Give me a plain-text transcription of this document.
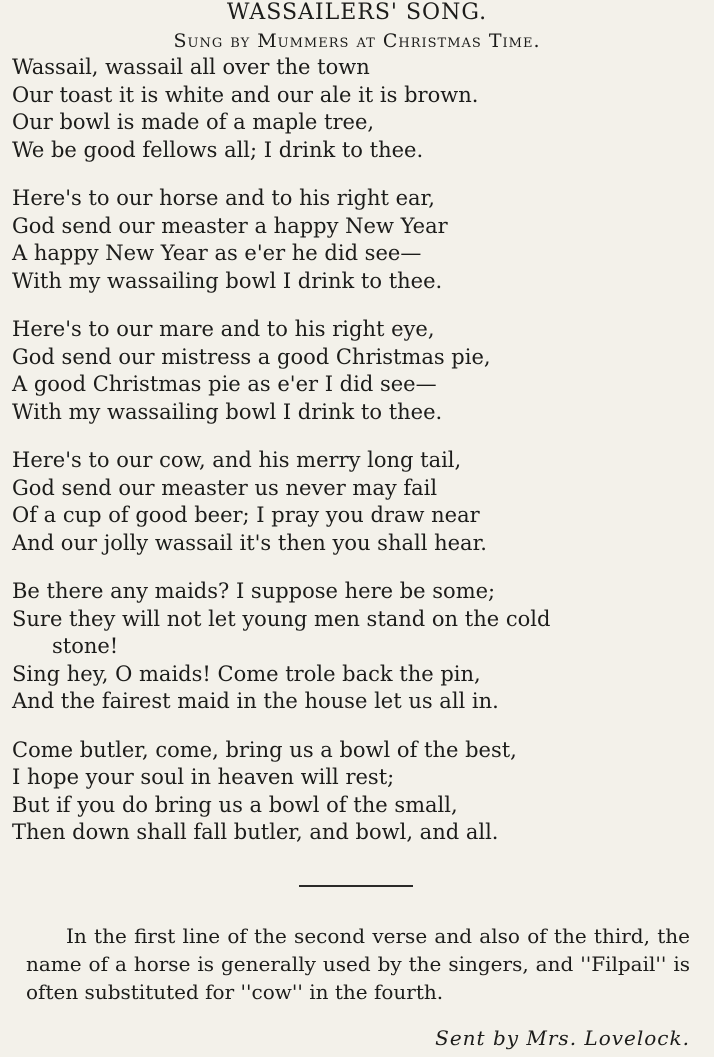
WASSAILERS' SONG.
Sung by Mummers at Christmas Time.
Wassail, wassail all over the town
Our toast it is white and our ale it is brown.
Our bowl is made of a maple tree,
We be good fellows all; I drink to thee.
Here's to our horse and to his right ear,
God send our measter a happy New Year
A happy New Year as e'er he did see—
With my wassailing bowl I drink to thee.
Here's to our mare and to his right eye,
God send our mistress a good Christmas pie,
A good Christmas pie as e'er I did see—
With my wassailing bowl I drink to thee.
Here's to our cow, and his merry long tail,
God send our measter us never may fail
Of a cup of good beer; I pray you draw near
And our jolly wassail it's then you shall hear.
Be there any maids? I suppose here be some;
Sure they will not let young men stand on the cold
stone!
Sing hey, O maids! Come trole back the pin,
And the fairest maid in the house let us all in.
Come butler, come, bring us a bowl of the best,
I hope your soul in heaven will rest;
But if you do bring us a bowl of the small,
Then down shall fall butler, and bowl, and all.
In the first line of the second verse and also of the third, the name of a horse is generally used by the singers, and ''Filpail'' is often substituted for ''cow'' in the fourth.
Sent by Mrs. Lovelock.
